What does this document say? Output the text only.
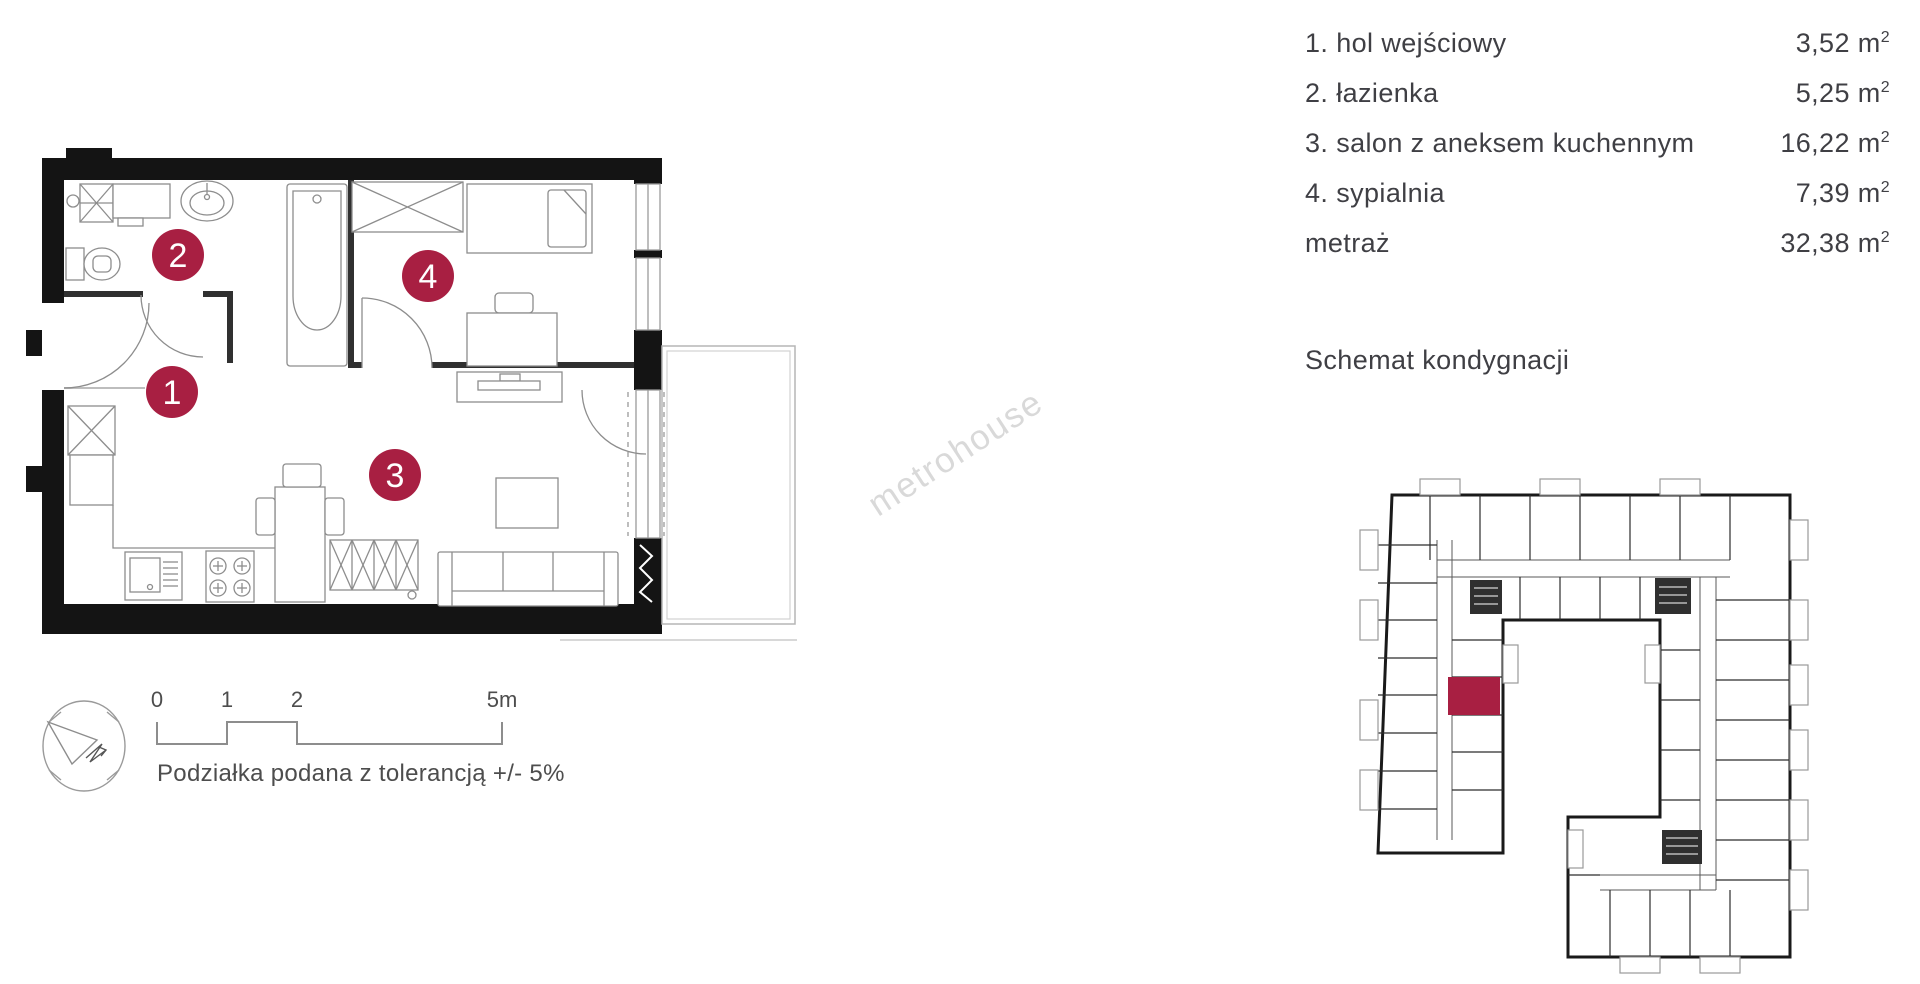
1
2
3
4
0	1	2	5m
1. hol wejściowy	3,52 $m^2$
2. łazienka	5,25 $m^2$
3. salon z aneksem kuchennym	16,22 $m^2$
4. sypialnia	7,39 $m^2$
metraż	32,38 $m^2$
Schemat kondygnacji
Podziałka podana z tolerancją +/- 5%
metrohouse
